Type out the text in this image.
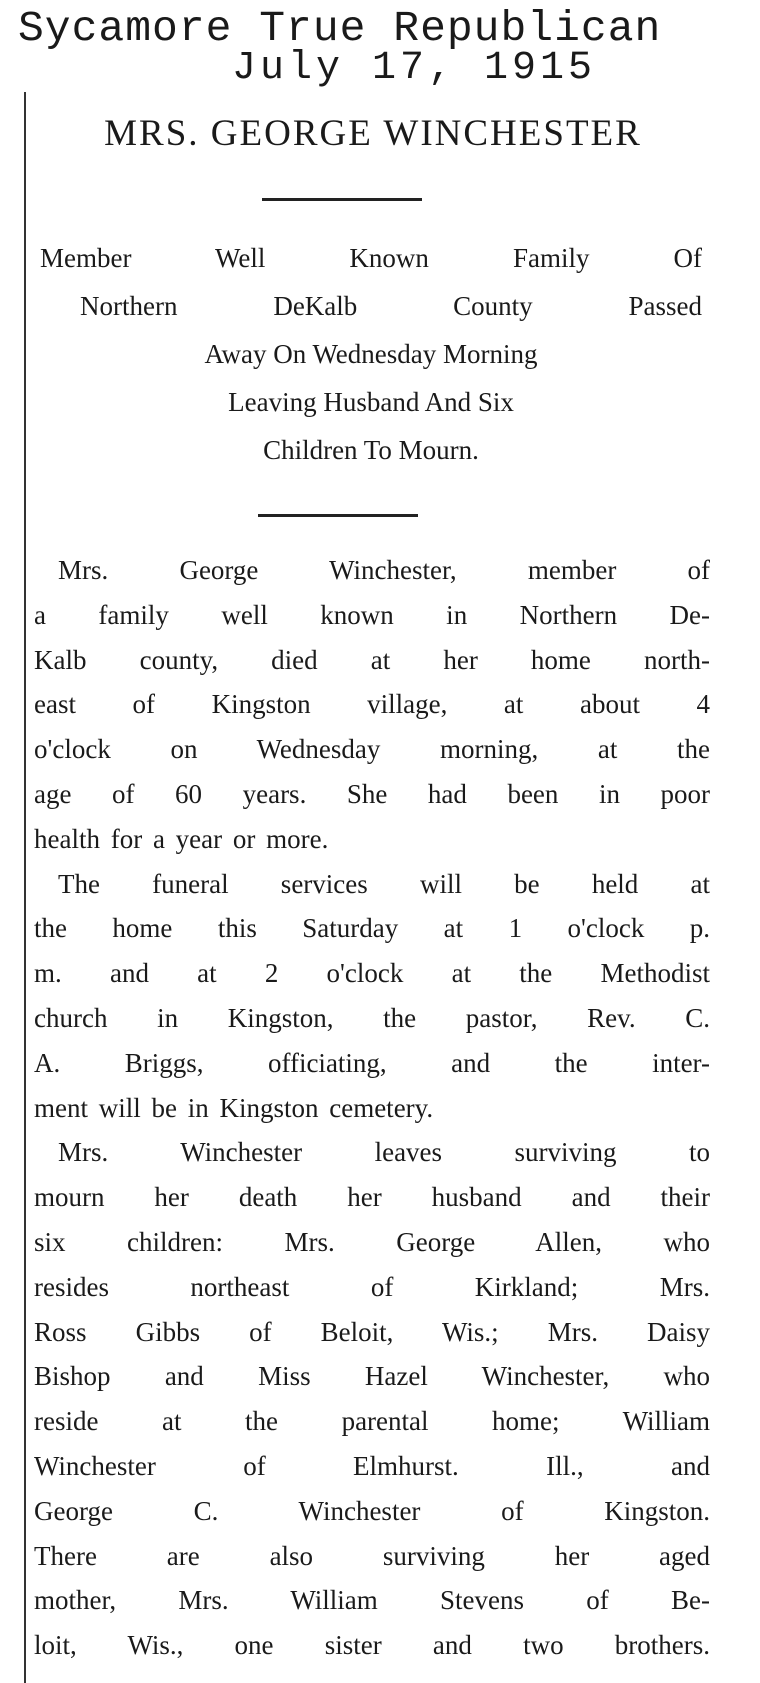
Sycamore True Republican
July 17, 1915
MRS. GEORGE WINCHESTER
Member Well Known Family Of
Northern DeKalb County Passed
Away On Wednesday Morning
Leaving Husband And Six
Children To Mourn.
Mrs. George Winchester, member of
a family well known in Northern De-
Kalb county, died at her home north-
east of Kingston village, at about 4
o'clock on Wednesday morning, at the
age of 60 years. She had been in poor
health for a year or more.
The funeral services will be held at
the home this Saturday at 1 o'clock p.
m. and at 2 o'clock at the Methodist
church in Kingston, the pastor, Rev. C.
A. Briggs, officiating, and the inter-
ment will be in Kingston cemetery.
Mrs. Winchester leaves surviving to
mourn her death her husband and their
six children: Mrs. George Allen, who
resides northeast of Kirkland; Mrs.
Ross Gibbs of Beloit, Wis.; Mrs. Daisy
Bishop and Miss Hazel Winchester, who
reside at the parental home; William
Winchester of Elmhurst. Ill., and
George C. Winchester of Kingston.
There are also surviving her aged
mother, Mrs. William Stevens of Be-
loit, Wis., one sister and two brothers.
